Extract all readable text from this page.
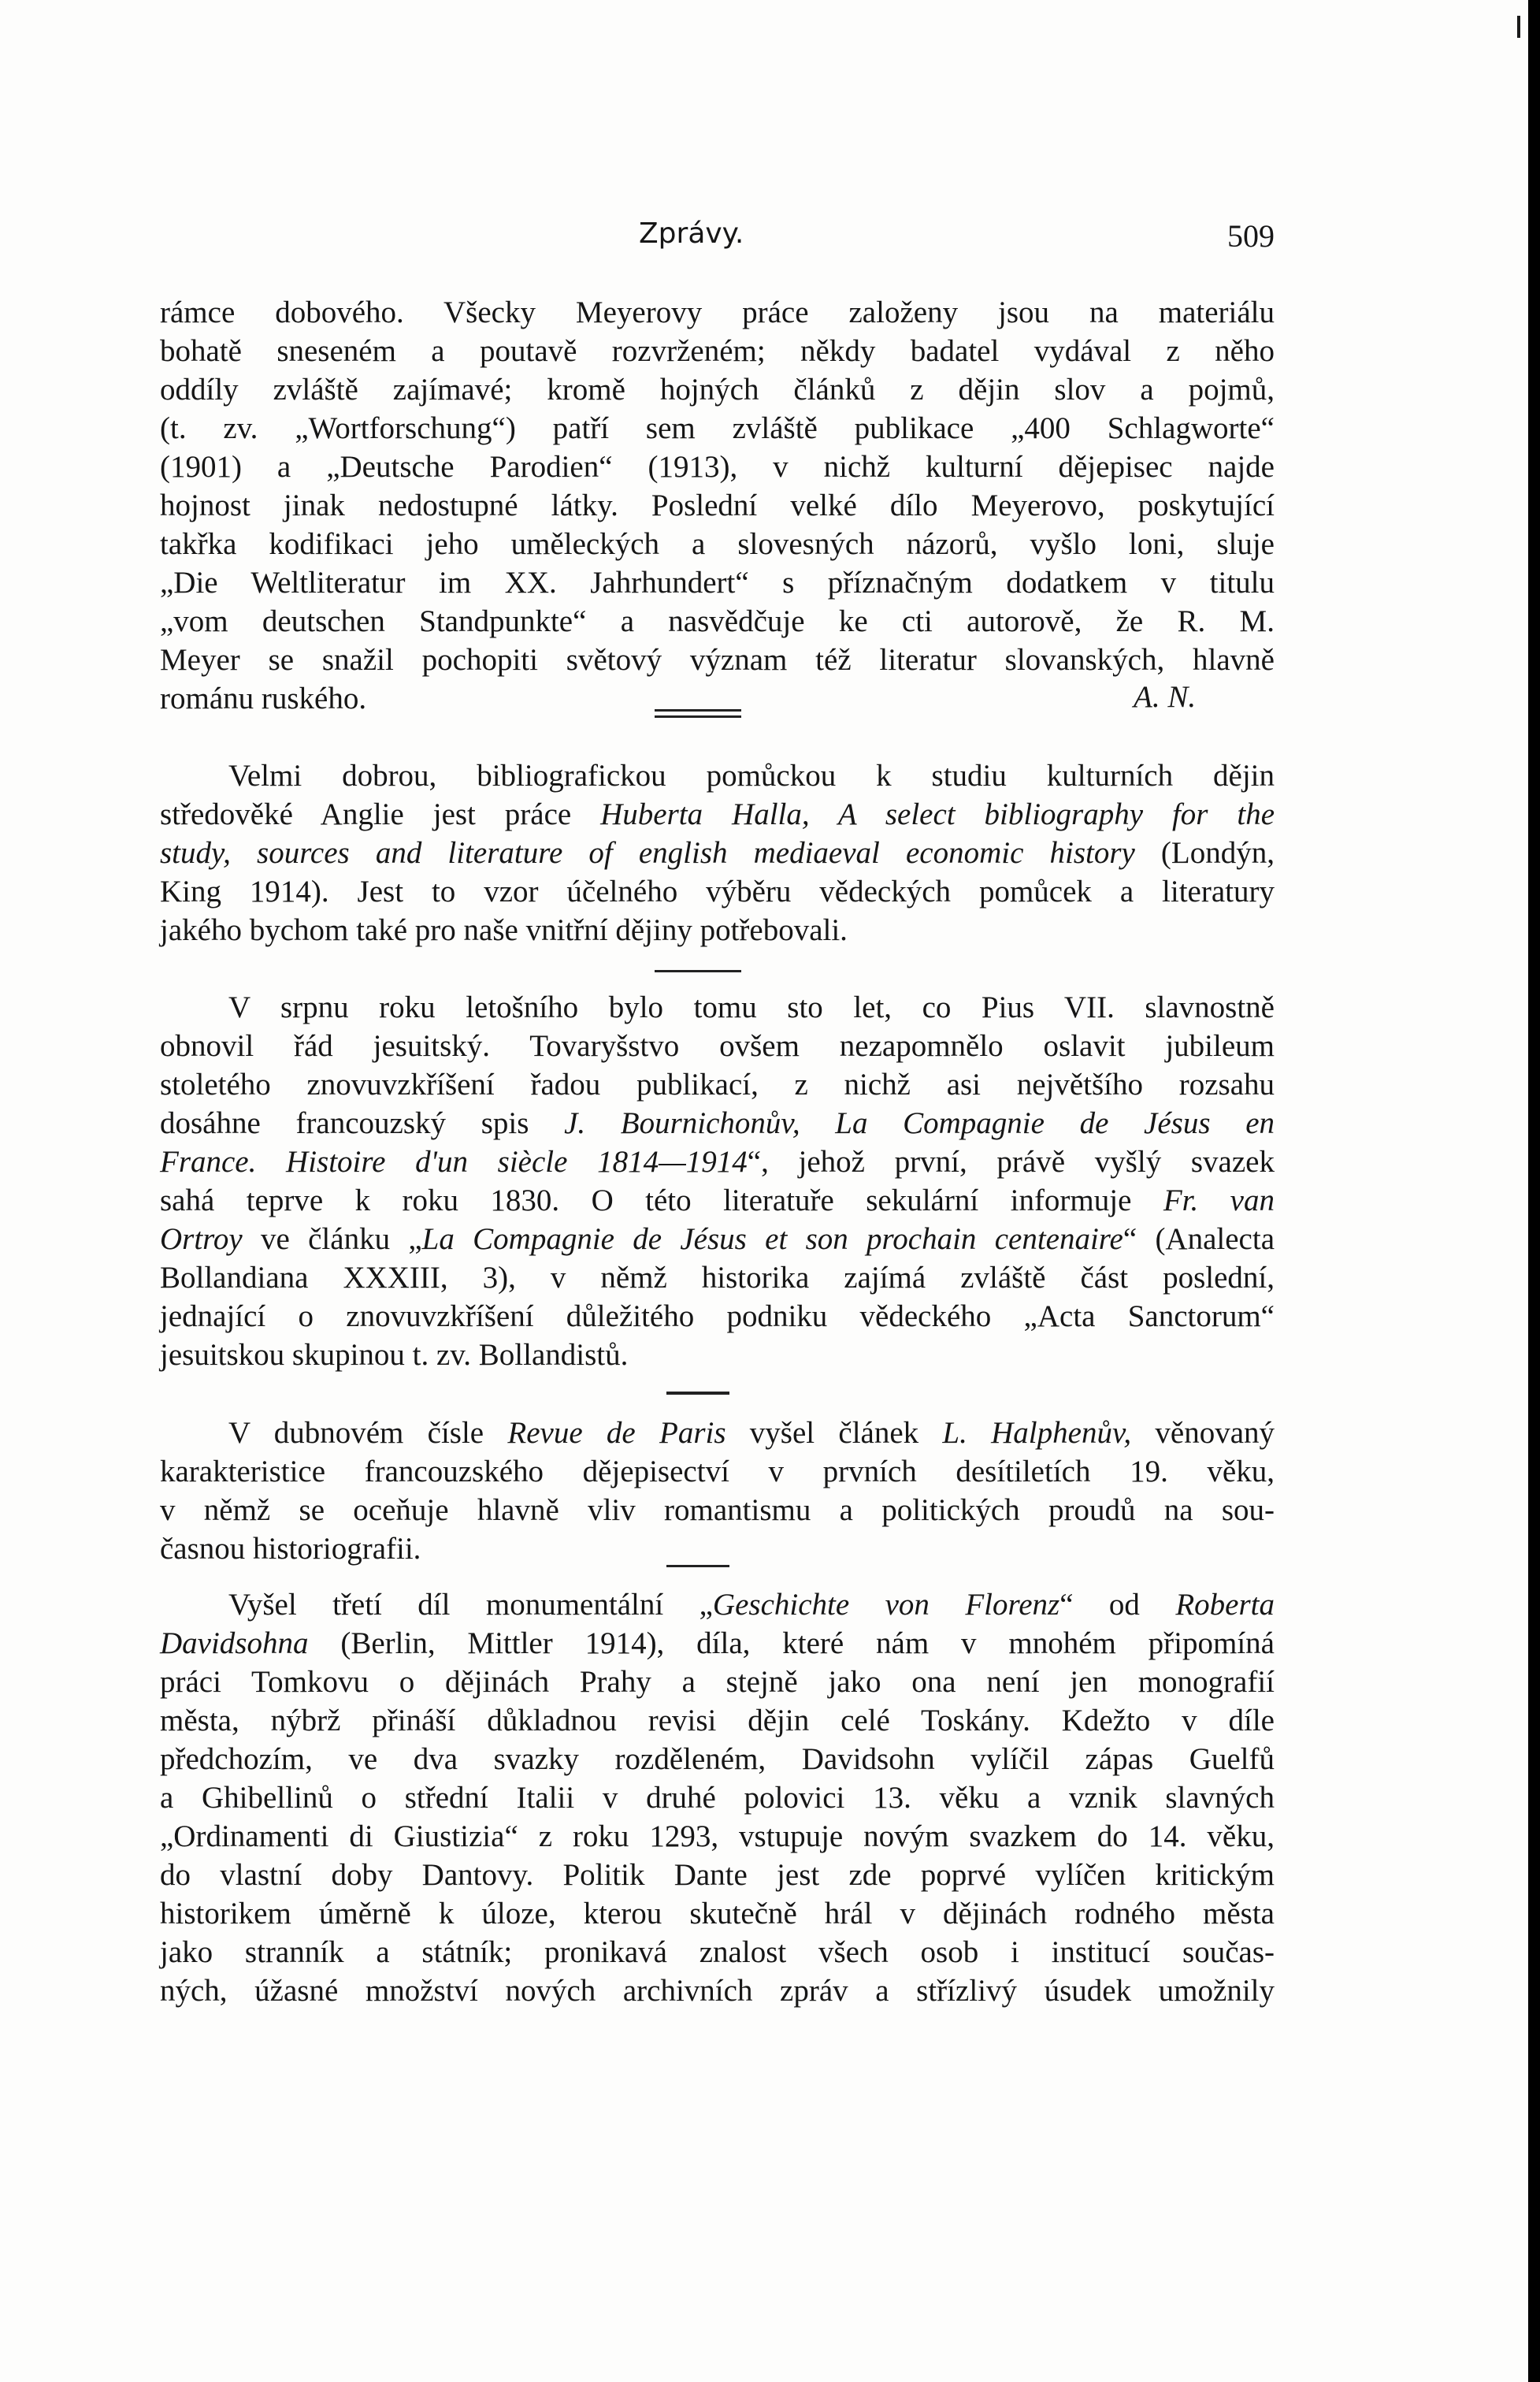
Zprávy.	509

rámce dobového. Všecky Meyerovy práce založeny jsou na materiálu
bohatě sneseném a poutavě rozvrženém; někdy badatel vydával z něho
oddíly zvláště zajímavé; kromě hojných článků z dějin slov a pojmů,
(t. zv. „Wortforschung“) patří sem zvláště publikace „400 Schlagworte“
(1901) a „Deutsche Parodien“ (1913), v nichž kulturní dějepisec najde
hojnost jinak nedostupné látky. Poslední velké dílo Meyerovo, poskytující
takřka kodifikaci jeho uměleckých a slovesných názorů, vyšlo loni, sluje
„Die Weltliteratur im XX. Jahrhundert“ s příznačným dodatkem v titulu
„vom deutschen Standpunkte“ a nasvědčuje ke cti autorově, že R. M.
Meyer se snažil pochopiti světový význam též literatur slovanských, hlavně
románu ruského.	A. N.

Velmi dobrou, bibliografickou pomůckou k studiu kulturních dějin
středověké Anglie jest práce Huberta Halla, A select bibliography for the
study, sources and literature of english mediaeval economic history (Londýn,
King 1914). Jest to vzor účelného výběru vědeckých pomůcek a literatury
jakého bychom také pro naše vnitřní dějiny potřebovali.

V srpnu roku letošního bylo tomu sto let, co Pius VII. slavnostně
obnovil řád jesuitský. Tovaryšstvo ovšem nezapomnělo oslavit jubileum
stoletého znovuvzkříšení řadou publikací, z nichž asi největšího rozsahu
dosáhne francouzský spis J. Bournichonův, La Compagnie de Jésus en
France. Histoire d'un siècle 1814—1914“, jehož první, právě vyšlý svazek
sahá teprve k roku 1830. O této literatuře sekulární informuje Fr. van
Ortroy ve článku „La Compagnie de Jésus et son prochain centenaire“ (Analecta
Bollandiana XXXIII, 3), v němž historika zajímá zvláště část poslední,
jednající o znovuvzkříšení důležitého podniku vědeckého „Acta Sanctorum“
jesuitskou skupinou t. zv. Bollandistů.

V dubnovém čísle Revue de Paris vyšel článek L. Halphenův, věnovaný
karakteristice francouzského dějepisectví v prvních desítiletích 19. věku,
v němž se oceňuje hlavně vliv romantismu a politických proudů na sou-
časnou historiografii.

Vyšel třetí díl monumentální „Geschichte von Florenz“ od Roberta
Davidsohna (Berlin, Mittler 1914), díla, které nám v mnohém připomíná
práci Tomkovu o dějinách Prahy a stejně jako ona není jen monografií
města, nýbrž přináší důkladnou revisi dějin celé Toskány. Kdežto v díle
předchozím, ve dva svazky rozděleném, Davidsohn vylíčil zápas Guelfů
a Ghibellinů o střední Italii v druhé polovici 13. věku a vznik slavných
„Ordinamenti di Giustizia“ z roku 1293, vstupuje novým svazkem do 14. věku,
do vlastní doby Dantovy. Politik Dante jest zde poprvé vylíčen kritickým
historikem úměrně k úloze, kterou skutečně hrál v dějinách rodného města
jako stranník a státník; pronikavá znalost všech osob i institucí součas-
ných, úžasné množství nových archivních zpráv a střízlivý úsudek umožnily
